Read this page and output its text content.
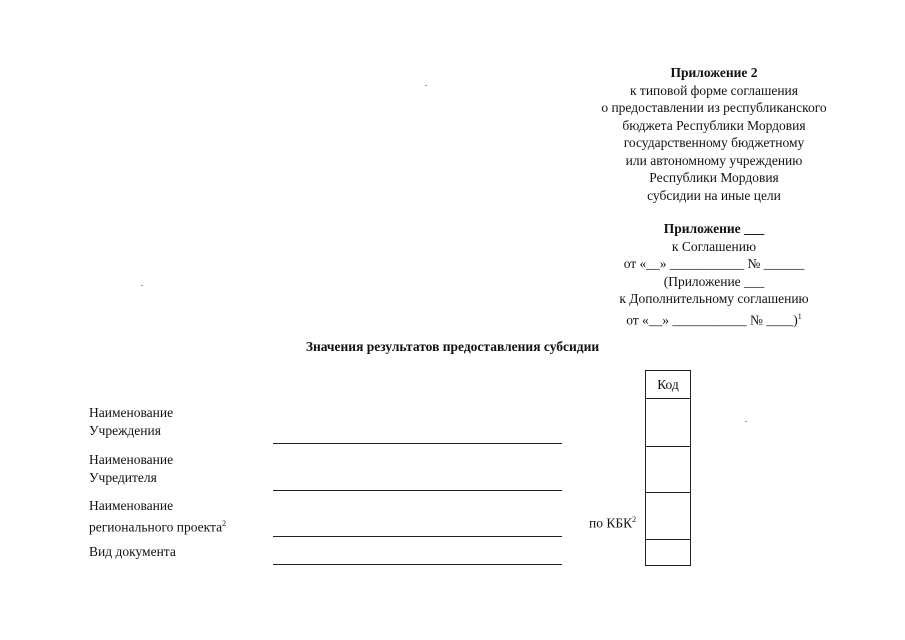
Приложение 2
к типовой форме соглашения
о предоставлении из республиканского
бюджета Республики Мордовия
государственному бюджетному
или автономному учреждению
Республики Мордовия
субсидии на иные цели
Приложение ___
к Соглашению
от «__» ___________ № ______
(Приложение ___
к Дополнительному соглашению
от «__» ___________ № ____)$^1$
Значения результатов предоставления субсидии
Наименование
Учреждения
Наименование
Учредителя
Наименование
регионального проекта$^2$
Вид документа
по КБК$^2$
Код
